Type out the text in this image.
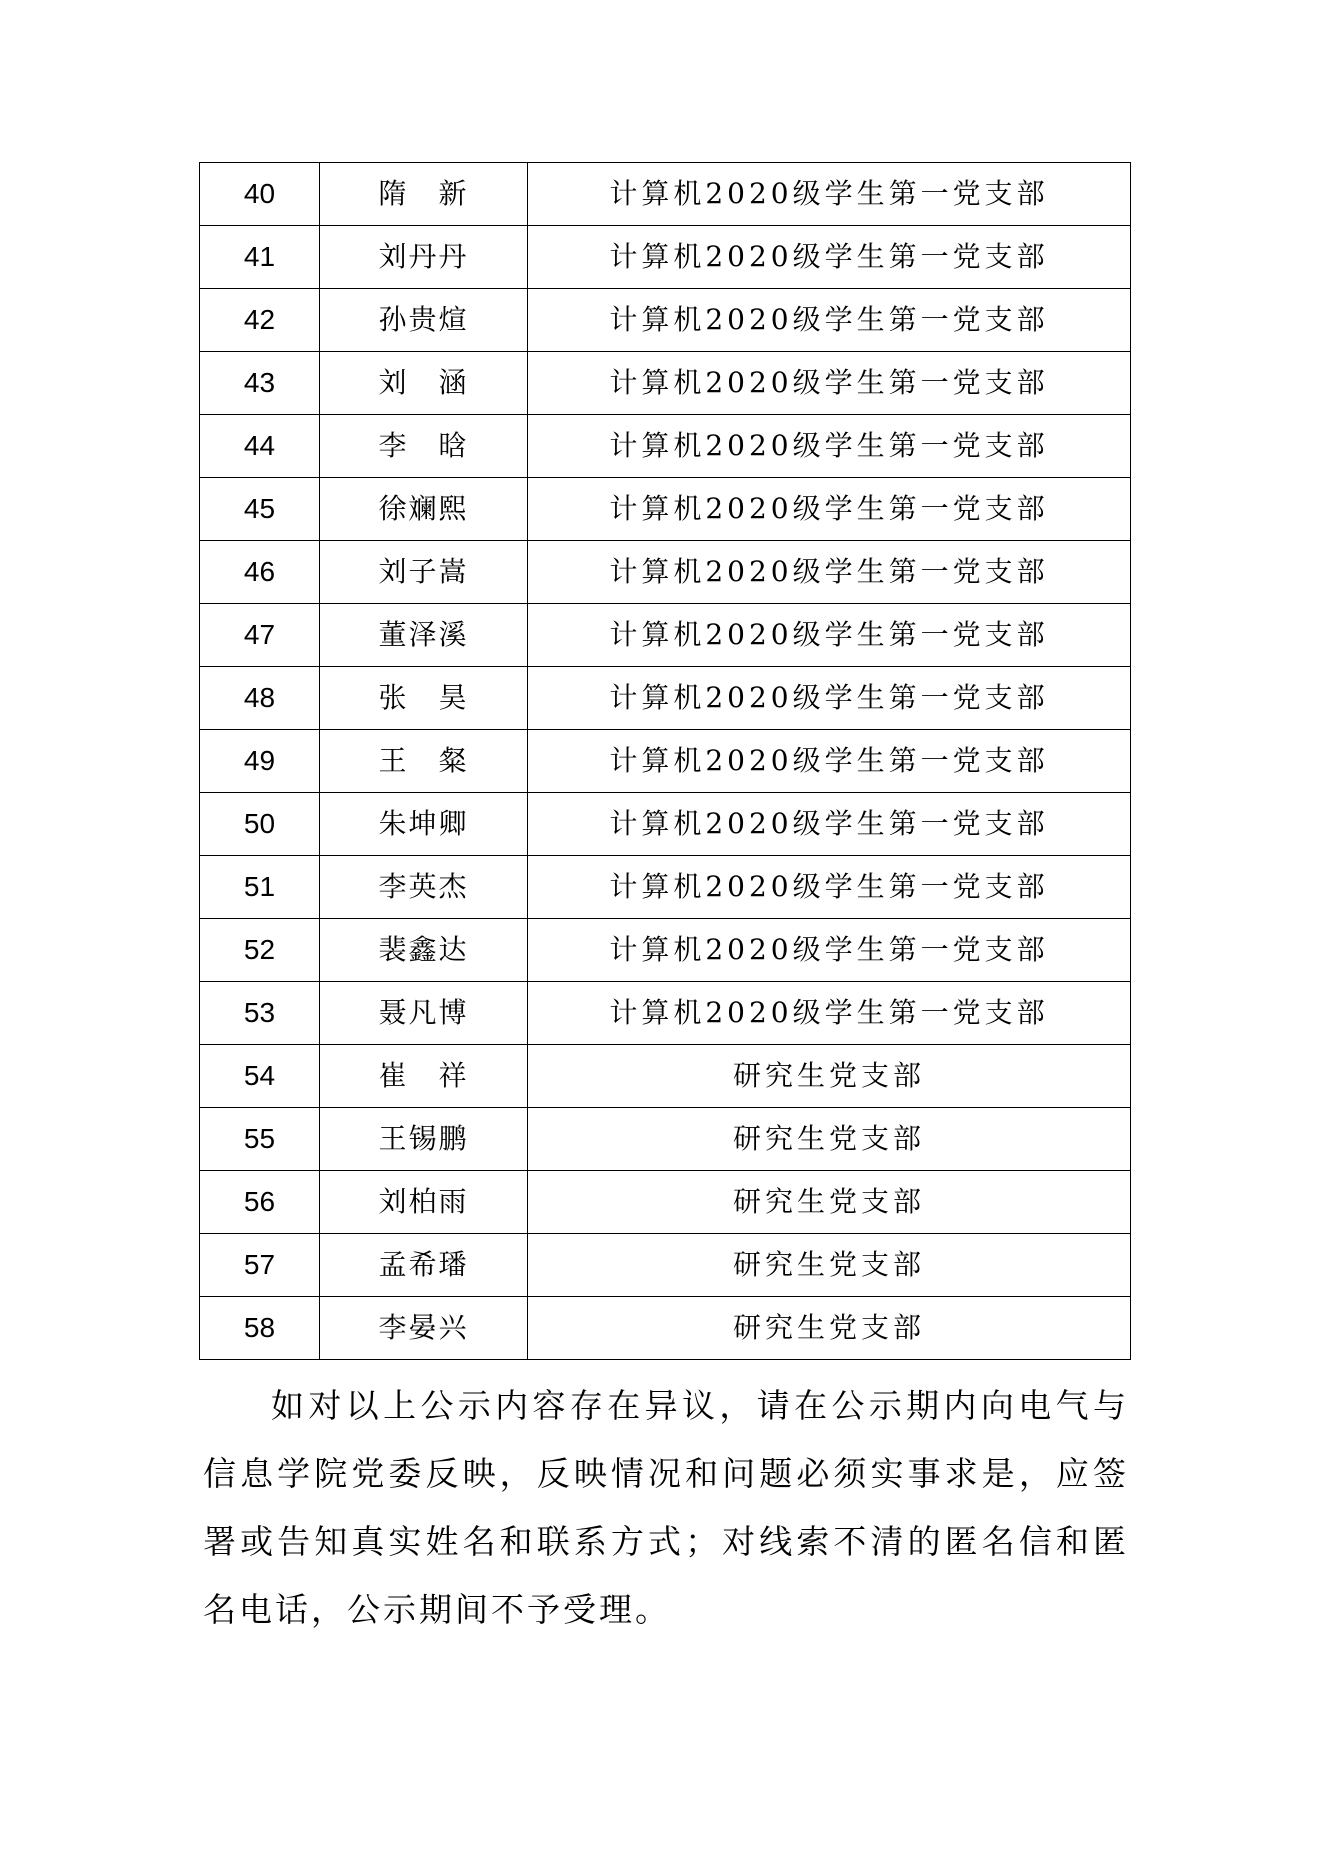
40	隋　新	计算机2020级学生第一党支部
41	刘丹丹	计算机2020级学生第一党支部
42	孙贵煊	计算机2020级学生第一党支部
43	刘　涵	计算机2020级学生第一党支部
44	李　晗	计算机2020级学生第一党支部
45	徐斓熙	计算机2020级学生第一党支部
46	刘子嵩	计算机2020级学生第一党支部
47	董泽溪	计算机2020级学生第一党支部
48	张　昊	计算机2020级学生第一党支部
49	王　粲	计算机2020级学生第一党支部
50	朱坤卿	计算机2020级学生第一党支部
51	李英杰	计算机2020级学生第一党支部
52	裴鑫达	计算机2020级学生第一党支部
53	聂凡博	计算机2020级学生第一党支部
54	崔　祥	研究生党支部
55	王锡鹏	研究生党支部
56	刘柏雨	研究生党支部
57	孟希璠	研究生党支部
58	李晏兴	研究生党支部

如对以上公示内容存在异议，请在公示期内向电气与信息学院党委反映，反映情况和问题必须实事求是，应签署或告知真实姓名和联系方式；对线索不清的匿名信和匿名电话，公示期间不予受理。
